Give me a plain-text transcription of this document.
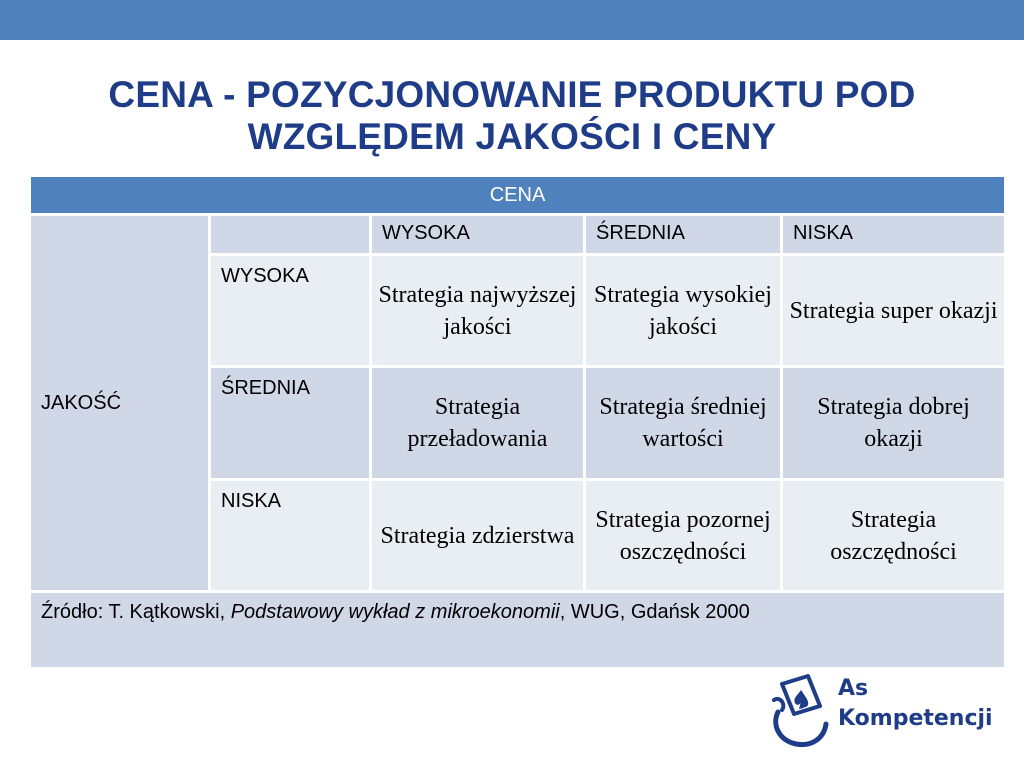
CENA - POZYCJONOWANIE PRODUKTU POD
WZGLĘDEM JAKOŚCI I CENY
CENA				
JAKOŚĆ		WYSOKA	ŚREDNIA	NISKA
	WYSOKA	Strategia najwyższej jakości	Strategia wysokiej jakości	Strategia super okazji
	ŚREDNIA	Strategia przeładowania	Strategia średniej wartości	Strategia dobrej okazji
	NISKA	Strategia zdzierstwa	Strategia pozornej oszczędności	Strategia oszczędności
Źródło: T. Kątkowski, Podstawowy wykład z mikroekonomii, WUG, Gdańsk 2000				
As
Kompetencji
